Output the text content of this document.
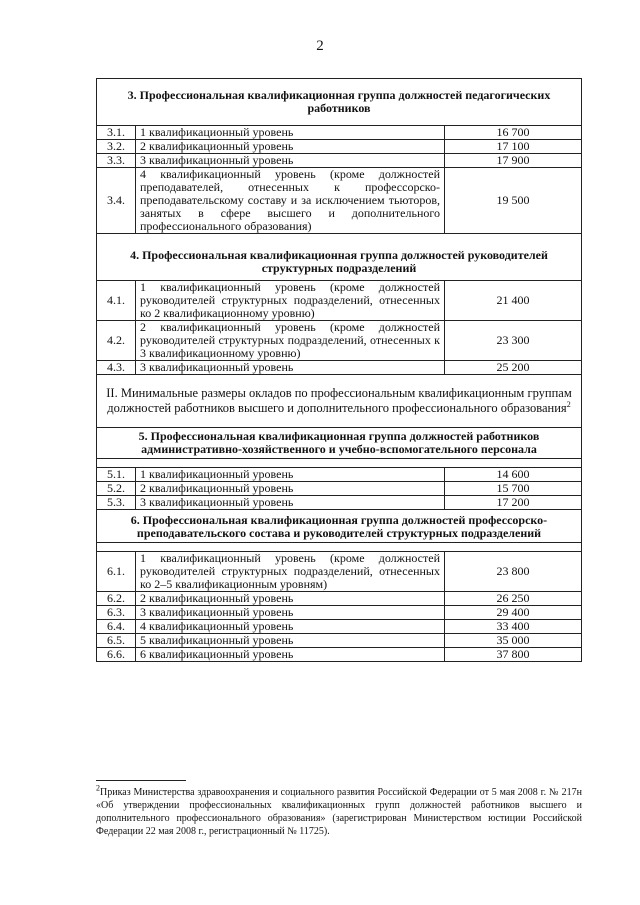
2
3. Профессиональная квалификационная группа должностей педагогических работников		
3.1.	1 квалификационный уровень	16 700
3.2.	2 квалификационный уровень	17 100
3.3.	3 квалификационный уровень	17 900
3.4.	4 квалификационный уровень (кроме должностей преподавателей, отнесенных к профессорско-преподавательскому составу и за исключением тьюторов, занятых в сфере высшего и дополнительного профессионального образования)	19 500

4. Профессиональная квалификационная группа должностей руководителей структурных подразделений		
4.1.	1 квалификационный уровень (кроме должностей руководителей структурных подразделений, отнесенных ко 2 квалификационному уровню)	21 400
4.2.	2 квалификационный уровень (кроме должностей руководителей структурных подразделений, отнесенных к 3 квалификационному уровню)	23 300
4.3.	3 квалификационный уровень	25 200
II. Минимальные размеры окладов по профессиональным квалификационным группам должностей работников высшего и дополнительного профессионального образования$^2$
5. Профессиональная квалификационная группа должностей работников административно-хозяйственного и учебно-вспомогательного персонала		

5.1.	1 квалификационный уровень	14 600
5.2.	2 квалификационный уровень	15 700
5.3.	3 квалификационный уровень	17 200
6. Профессиональная квалификационная группа должностей профессорско-преподавательского состава и руководителей структурных подразделений		

6.1.	1 квалификационный уровень (кроме должностей руководителей структурных подразделений, отнесенных ко 2–5 квалификационным уровням)	23 800
6.2.	2 квалификационный уровень	26 250
6.3.	3 квалификационный уровень	29 400
6.4.	4 квалификационный уровень	33 400
6.5.	5 квалификационный уровень	35 000
6.6.	6 квалификационный уровень	37 800
$^2$Приказ Министерства здравоохранения и социального развития Российской Федерации от 5 мая 2008 г. № 217н «Об утверждении профессиональных квалификационных групп должностей работников высшего и дополнительного профессионального образования» (зарегистрирован Министерством юстиции Российской Федерации 22 мая 2008 г., регистрационный № 11725).
